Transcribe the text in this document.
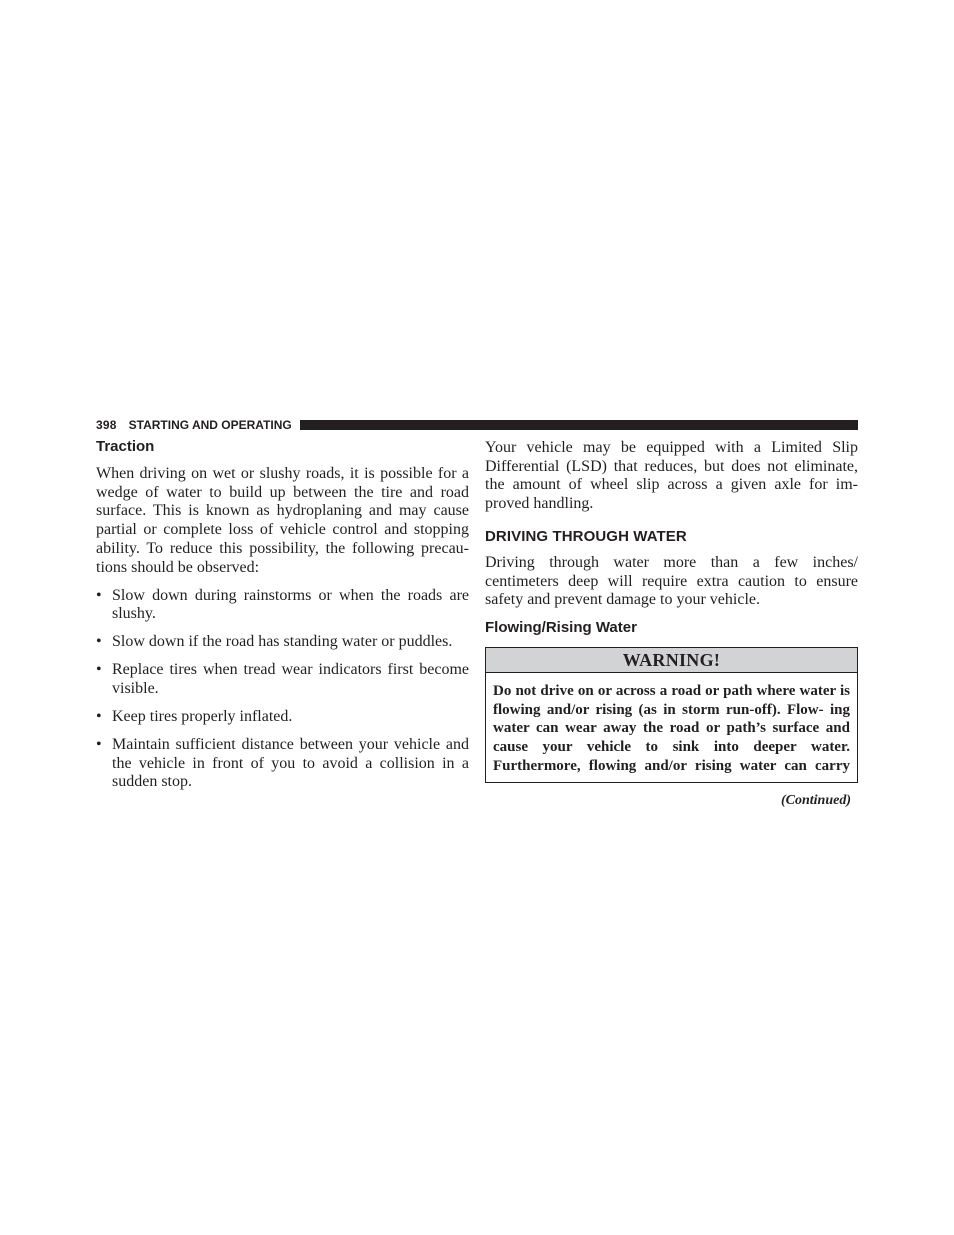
398 STARTING AND OPERATING
Traction

When driving on wet or slushy roads, it is possible for a wedge of water to build up between the tire and road surface. This is known as hydroplaning and may cause partial or complete loss of vehicle control and stopping ability. To reduce this possibility, the following precau- tions should be observed:

• Slow down during rainstorms or when the roads are slushy.
• Slow down if the road has standing water or puddles.
• Replace tires when tread wear indicators first become visible.
• Keep tires properly inflated.
• Maintain sufficient distance between your vehicle and the vehicle in front of you to avoid a collision in a sudden stop.

Your vehicle may be equipped with a Limited Slip Differential (LSD) that reduces, but does not eliminate, the amount of wheel slip across a given axle for im- proved handling.

DRIVING THROUGH WATER

Driving through water more than a few inches/ centimeters deep will require extra caution to ensure safety and prevent damage to your vehicle.

Flowing/Rising Water
WARNING!
Do not drive on or across a road or path where water is flowing and/or rising (as in storm run-off). Flow- ing water can wear away the road or path’s surface and cause your vehicle to sink into deeper water. Furthermore, flowing and/or rising water can carry
(Continued)
